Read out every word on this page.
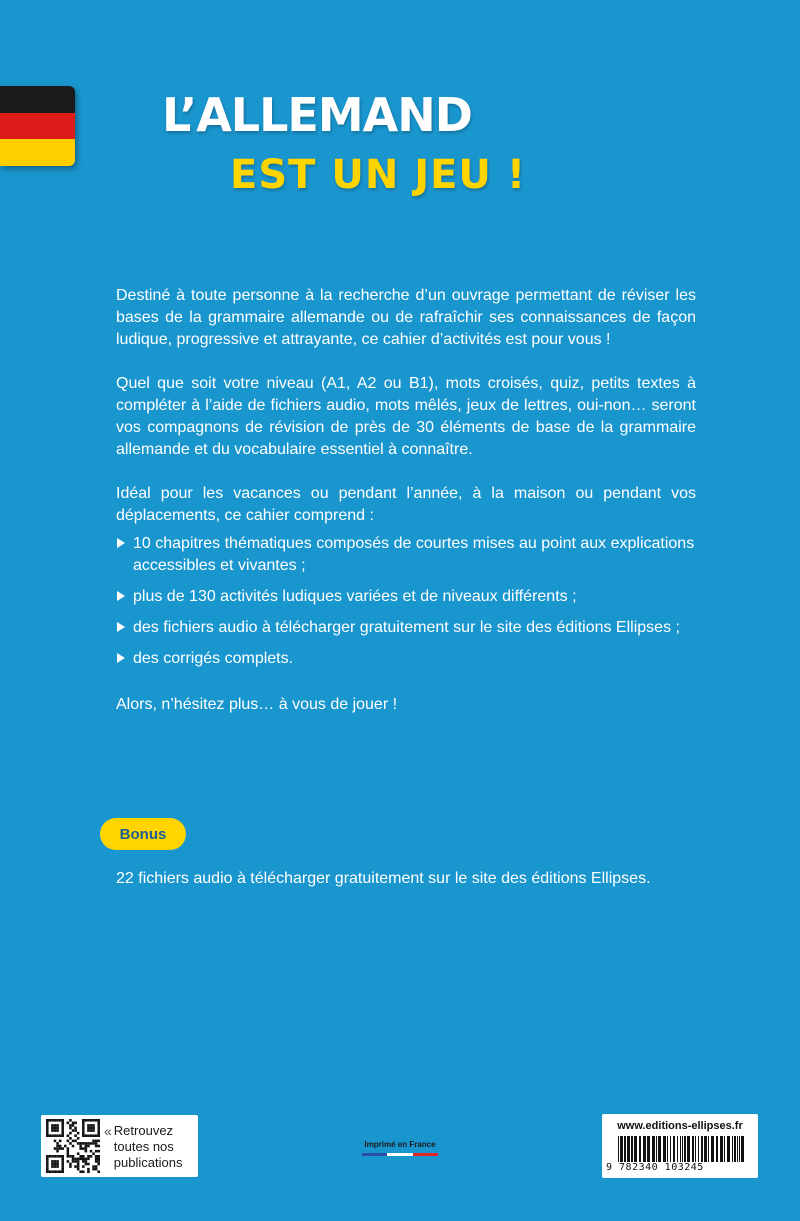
L’ALLEMAND
EST UN JEU !

Destiné à toute personne à la recherche d’un ouvrage permettant de réviser les bases de la grammaire allemande ou de rafraîchir ses connaissances de façon ludique, progressive et attrayante, ce cahier d’activités est pour vous !

Quel que soit votre niveau (A1, A2 ou B1), mots croisés, quiz, petits textes à compléter à l’aide de fichiers audio, mots mêlés, jeux de lettres, oui-non… seront vos compagnons de révision de près de 30 éléments de base de la grammaire allemande et du vocabulaire essentiel à connaître.

Idéal pour les vacances ou pendant l’année, à la maison ou pendant vos déplacements, ce cahier comprend :

10 chapitres thématiques composés de courtes mises au point aux explications accessibles et vivantes ;
plus de 130 activités ludiques variées et de niveaux différents ;
des fichiers audio à télécharger gratuitement sur le site des éditions Ellipses ;
des corrigés complets.

Alors, n’hésitez plus… à vous de jouer !

Bonus
22 fichiers audio à télécharger gratuitement sur le site des éditions Ellipses.
« Retrouvez
toutes nos
publications
Imprimé en France
www.editions-ellipses.fr
9 782340 103245
